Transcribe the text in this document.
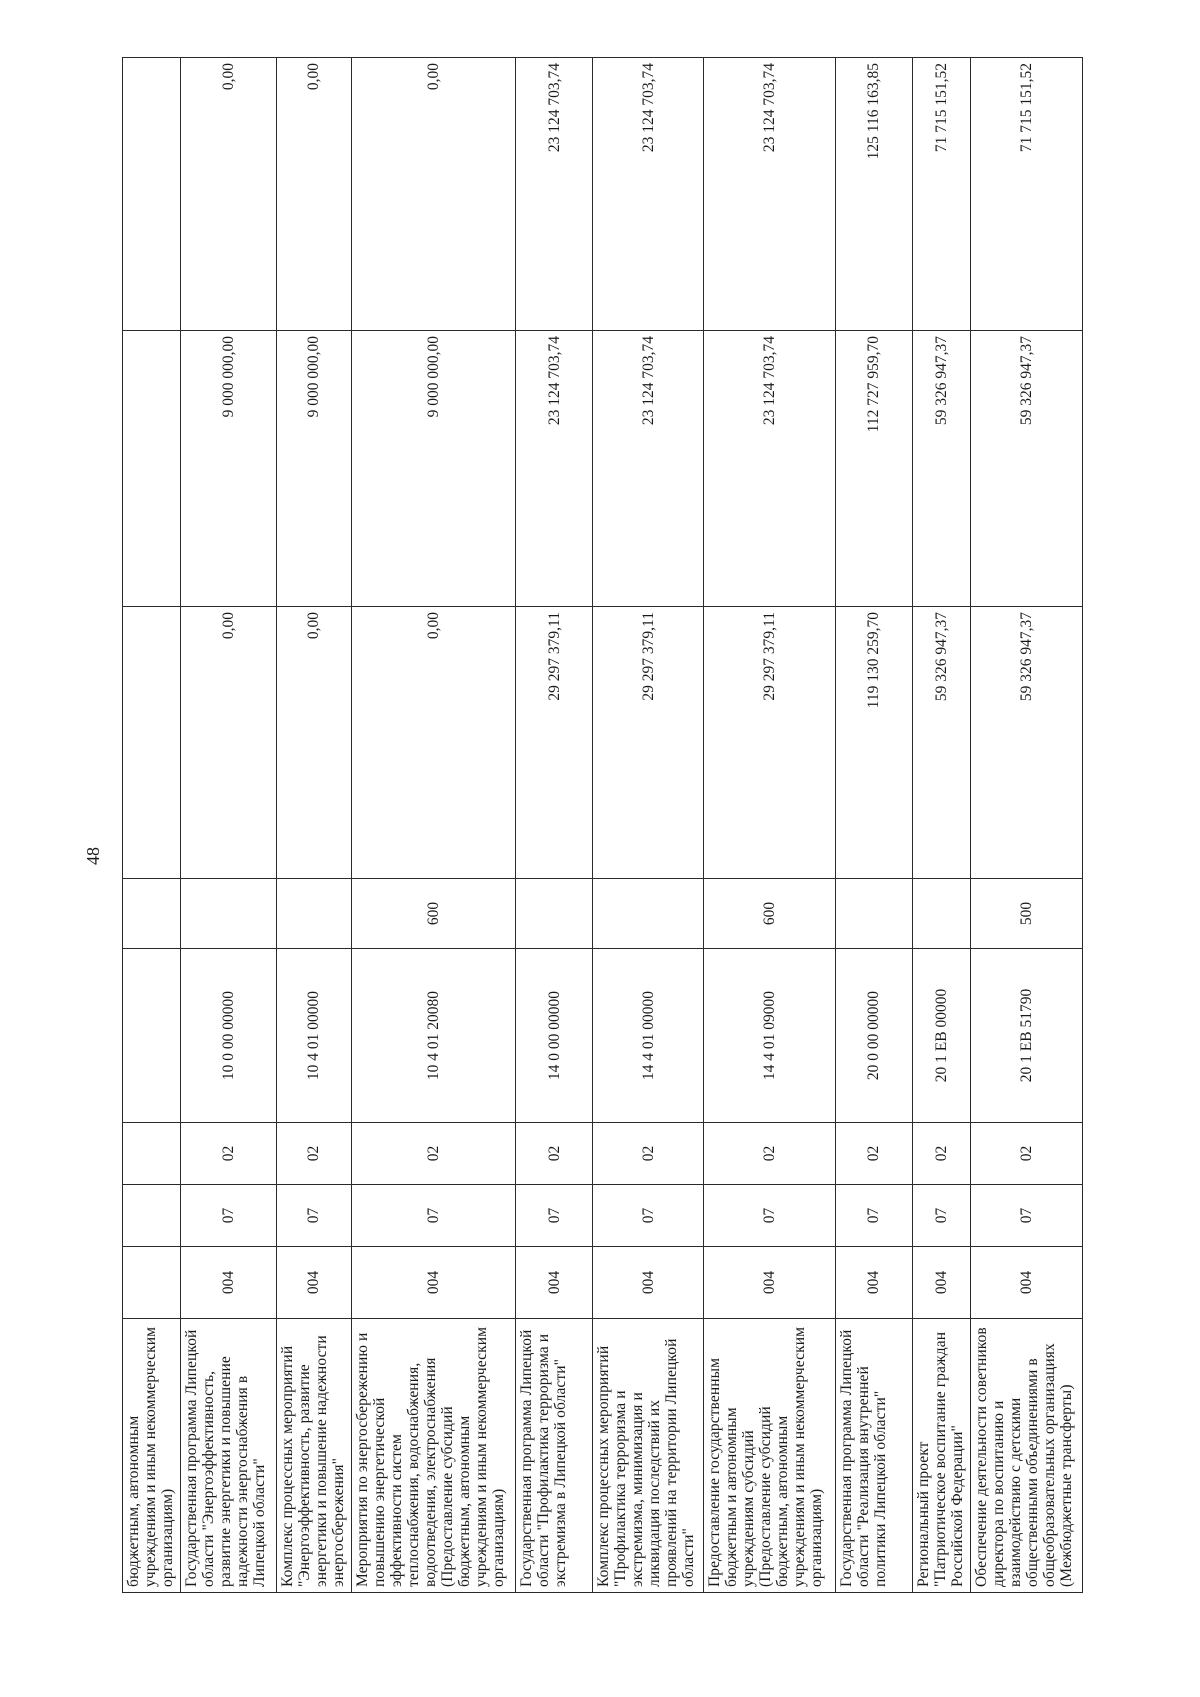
48
бюджетным, автономным учреждениям и иным некоммерческим организациям)								
Государственная программа Липецкой области "Энергоэффективность, развитие энергетики и повышение надежности энергоснабжения в Липецкой области"	004	07	02	10 0 00 00000		0,00	9 000 000,00	0,00
Комплекс процессных мероприятий "Энергоэффективность, развитие энергетики и повышение надежности энергосбережения"	004	07	02	10 4 01 00000		0,00	9 000 000,00	0,00
Мероприятия по энергосбережению и повышению энергетической эффективности систем теплоснабжения, водоснабжения, водоотведения, электроснабжения (Предоставление субсидий бюджетным, автономным учреждениям и иным некоммерческим организациям)	004	07	02	10 4 01 20080	600	0,00	9 000 000,00	0,00
Государственная программа Липецкой области "Профилактика терроризма и экстремизма в Липецкой области"	004	07	02	14 0 00 00000		29 297 379,11	23 124 703,74	23 124 703,74
Комплекс процессных мероприятий "Профилактика терроризма и экстремизма, минимизация и ликвидация последствий их проявлений на территории Липецкой области"	004	07	02	14 4 01 00000		29 297 379,11	23 124 703,74	23 124 703,74
Предоставление государственным бюджетным и автономным учреждениям субсидий (Предоставление субсидий бюджетным, автономным учреждениям и иным некоммерческим организациям)	004	07	02	14 4 01 09000	600	29 297 379,11	23 124 703,74	23 124 703,74
Государственная программа Липецкой области "Реализация внутренней политики Липецкой области"	004	07	02	20 0 00 00000		119 130 259,70	112 727 959,70	125 116 163,85
Региональный проект "Патриотическое воспитание граждан Российской Федерации"	004	07	02	20 1 ЕВ 00000		59 326 947,37	59 326 947,37	71 715 151,52
Обеспечение деятельности советников директора по воспитанию и взаимодействию с детскими общественными объединениями в общеобразовательных организациях (Межбюджетные трансферты)	004	07	02	20 1 ЕВ 51790	500	59 326 947,37	59 326 947,37	71 715 151,52
